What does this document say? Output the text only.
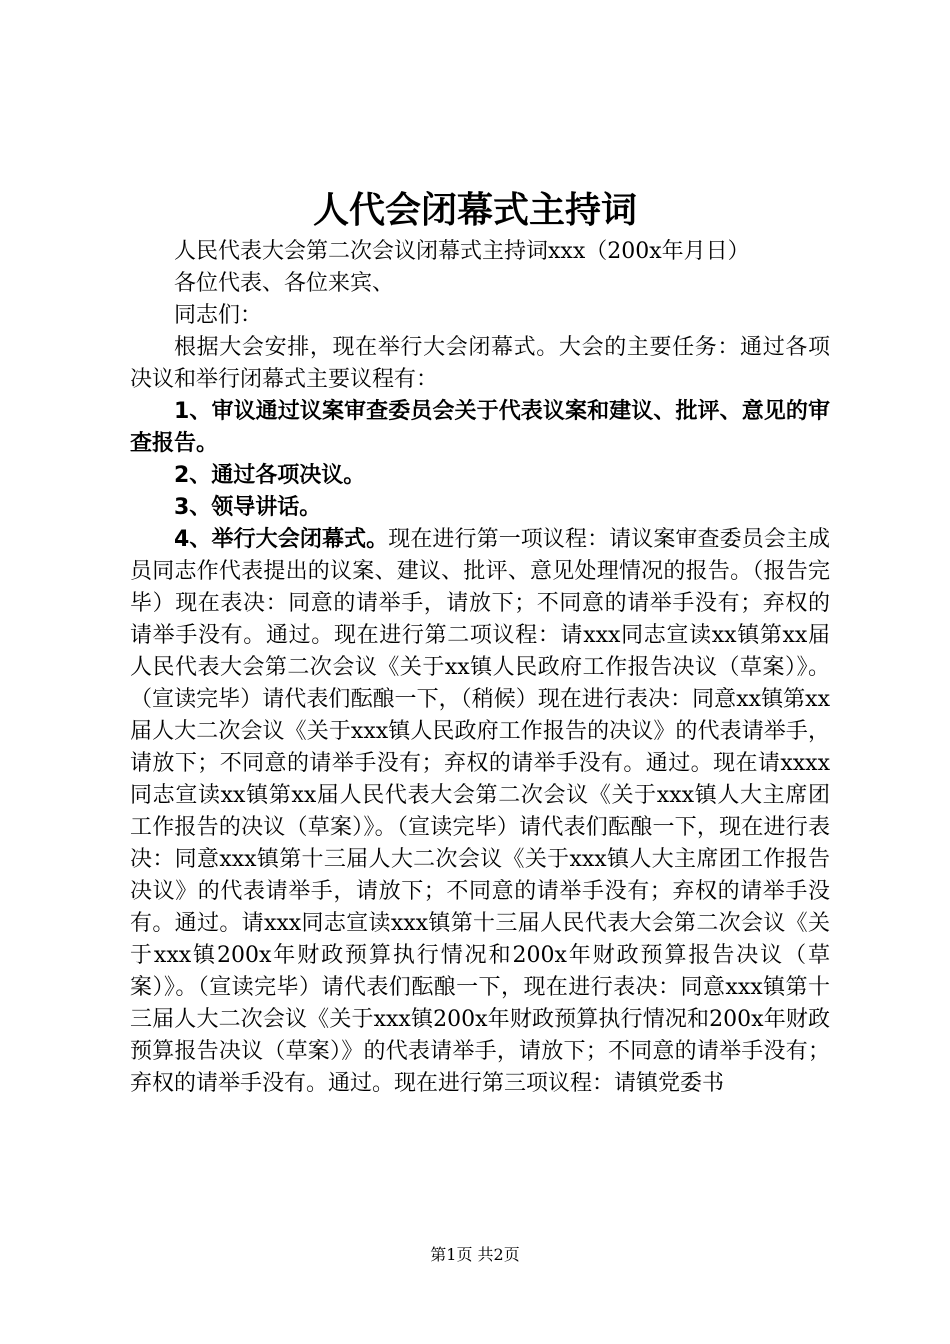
人代会闭幕式主持词

人民代表大会第二次会议闭幕式主持词xxx（200x年月日）

各位代表、各位来宾、

同志们：

根据大会安排，现在举行大会闭幕式。大会的主要任务：通过各项决议和举行闭幕式主要议程有：

1、审议通过议案审查委员会关于代表议案和建议、批评、意见的审查报告。

2、通过各项决议。

3、领导讲话。

4、举行大会闭幕式。现在进行第一项议程：请议案审查委员会主成员同志作代表提出的议案、建议、批评、意见处理情况的报告。（报告完毕）现在表决：同意的请举手，请放下；不同意的请举手没有；弃权的请举手没有。通过。现在进行第二项议程：请xxx同志宣读xx镇第xx届人民代表大会第二次会议《关于xx镇人民政府工作报告决议（草案）》。（宣读完毕）请代表们酝酿一下，（稍候）现在进行表决：同意xx镇第xx届人大二次会议《关于xxx镇人民政府工作报告的决议》的代表请举手，请放下；不同意的请举手没有；弃权的请举手没有。通过。现在请xxxx同志宣读xx镇第xx届人民代表大会第二次会议《关于xxx镇人大主席团工作报告的决议（草案）》。（宣读完毕）请代表们酝酿一下，现在进行表决：同意xxx镇第十三届人大二次会议《关于xxx镇人大主席团工作报告决议》的代表请举手，请放下；不同意的请举手没有；弃权的请举手没有。通过。请xxx同志宣读xxx镇第十三届人民代表大会第二次会议《关于xxx镇200x年财政预算执行情况和200x年财政预算报告决议（草案）》。（宣读完毕）请代表们酝酿一下，现在进行表决：同意xxx镇第十三届人大二次会议《关于xxx镇200x年财政预算执行情况和200x年财政预算报告决议（草案）》的代表请举手，请放下；不同意的请举手没有；弃权的请举手没有。通过。现在进行第三项议程：请镇党委书

第1页 共2页
